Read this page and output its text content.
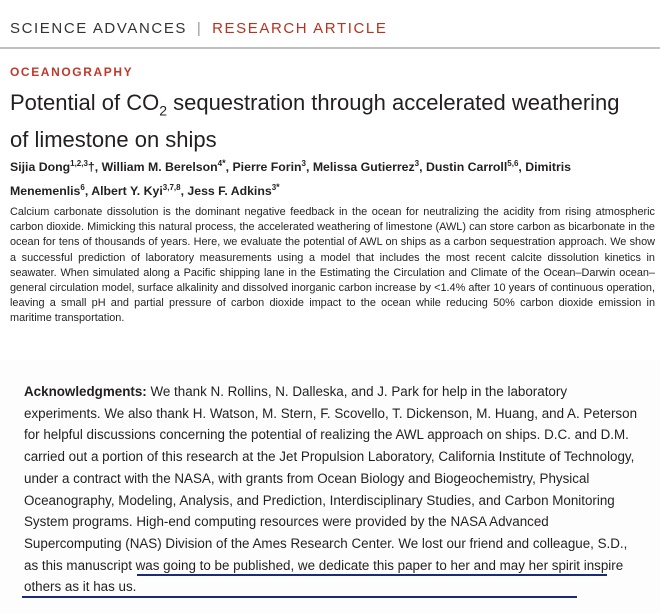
SCIENCE ADVANCES | RESEARCH ARTICLE
OCEANOGRAPHY
Potential of $CO_2$ sequestration through accelerated weathering of limestone on ships
Sijia Dong$^{1,2,3}$†, William M. Berelson$^{4*}$, Pierre Forin$^3$, Melissa Gutierrez$^3$, Dustin Carroll$^{5,6}$, Dimitris Menemenlis$^6$, Albert Y. Kyi$^{3,7,8}$, Jess F. Adkins$^{3*}$

Calcium carbonate dissolution is the dominant negative feedback in the ocean for neutralizing the acidity from rising atmospheric carbon dioxide. Mimicking this natural process, the accelerated weathering of limestone (AWL) can store carbon as bicarbonate in the ocean for tens of thousands of years. Here, we evaluate the potential of AWL on ships as a carbon sequestration approach. We show a successful prediction of laboratory measurements using a model that includes the most recent calcite dissolution kinetics in seawater. When simulated along a Pacific shipping lane in the Estimating the Circulation and Climate of the Ocean–Darwin ocean–general circulation model, surface alkalinity and dissolved inorganic carbon increase by <1.4% after 10 years of continuous operation, leaving a small pH and partial pressure of carbon dioxide impact to the ocean while reducing 50% carbon dioxide emission in maritime transportation.

Acknowledgments: We thank N. Rollins, N. Dalleska, and J. Park for help in the laboratory experiments. We also thank H. Watson, M. Stern, F. Scovello, T. Dickenson, M. Huang, and A. Peterson for helpful discussions concerning the potential of realizing the AWL approach on ships. D.C. and D.M. carried out a portion of this research at the Jet Propulsion Laboratory, California Institute of Technology, under a contract with the NASA, with grants from Ocean Biology and Biogeochemistry, Physical Oceanography, Modeling, Analysis, and Prediction, Interdisciplinary Studies, and Carbon Monitoring System programs. High-end computing resources were provided by the NASA Advanced Supercomputing (NAS) Division of the Ames Research Center. We lost our friend and colleague, S.D., as this manuscript was going to be published, we dedicate this paper to her and may her spirit inspire others as it has us.
